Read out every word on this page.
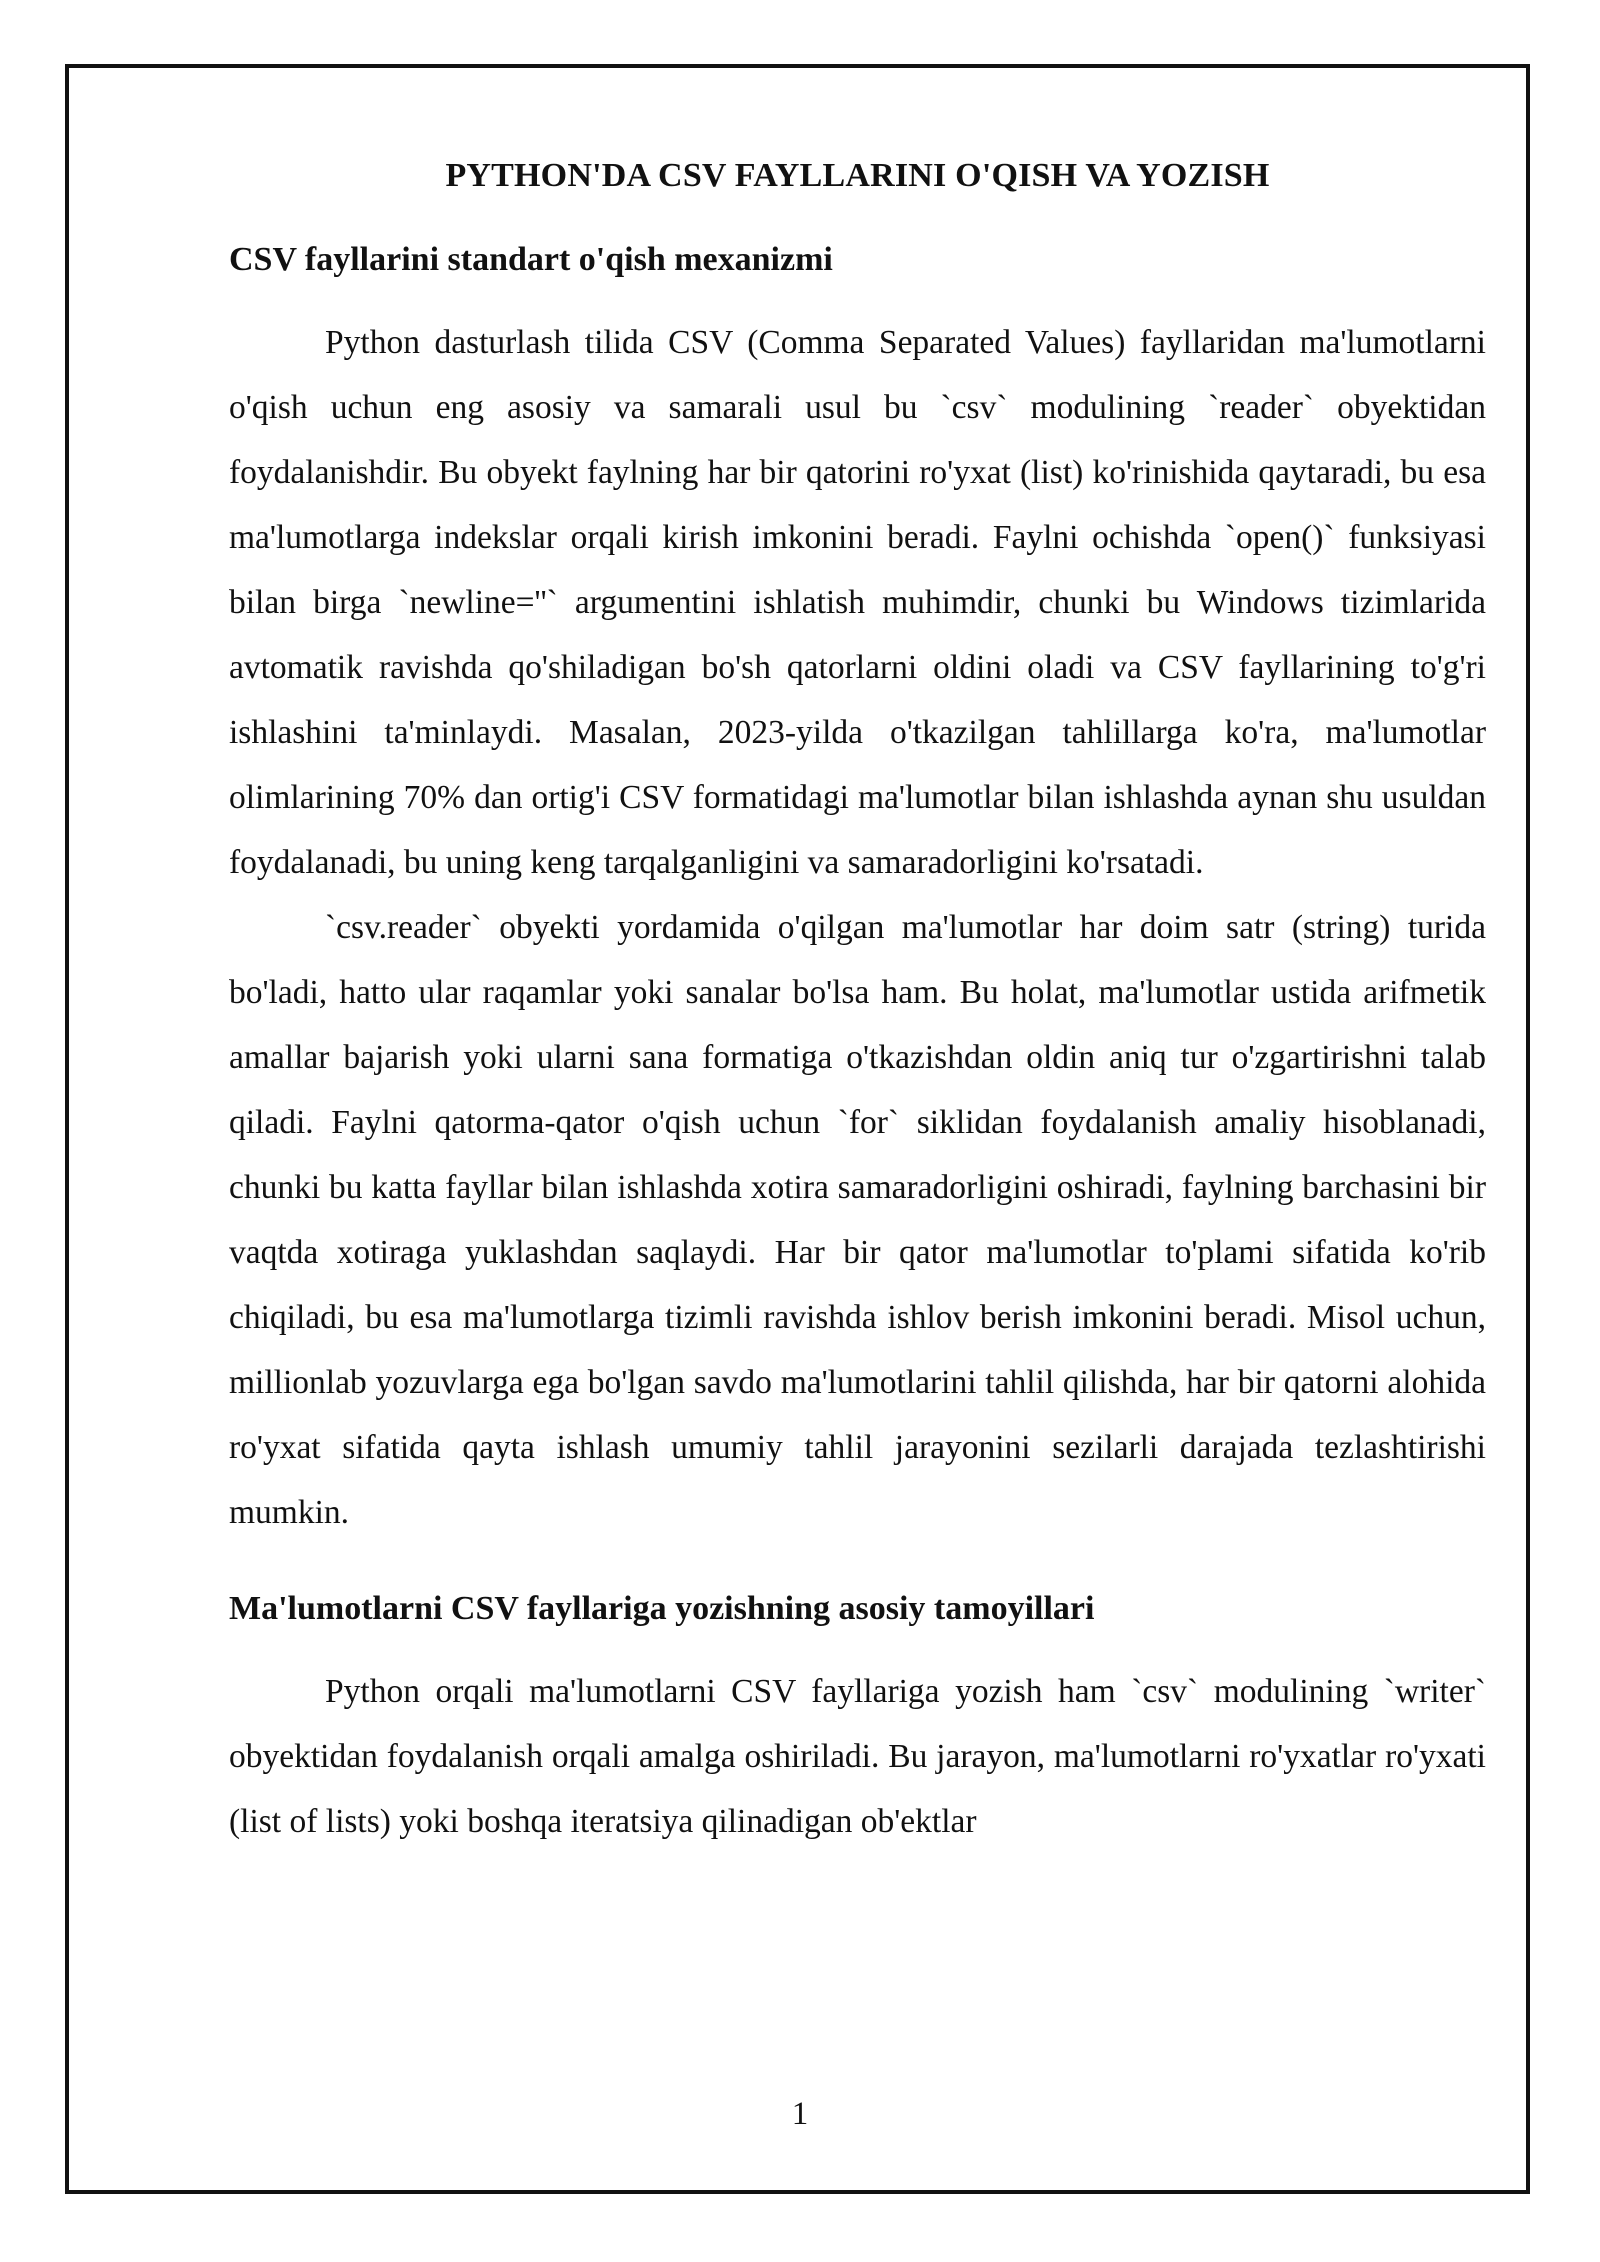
PYTHON'DA CSV FAYLLARINI O'QISH VA YOZISH
CSV fayllarini standart o'qish mexanizmi

Python dasturlash tilida CSV (Comma Separated Values) fayllaridan ma'lumotlarni o'qish uchun eng asosiy va samarali usul bu `csv` modulining `reader` obyektidan foydalanishdir. Bu obyekt faylning har bir qatorini ro'yxat (list) ko'rinishida qaytaradi, bu esa ma'lumotlarga indekslar orqali kirish imkonini beradi. Faylni ochishda `open()` funksiyasi bilan birga `newline=''` argumentini ishlatish muhimdir, chunki bu Windows tizimlarida avtomatik ravishda qo'shiladigan bo'sh qatorlarni oldini oladi va CSV fayllarining to'g'ri ishlashini ta'minlaydi. Masalan, 2023-yilda o'tkazilgan tahlillarga ko'ra, ma'lumotlar olimlarining 70% dan ortig'i CSV formatidagi ma'lumotlar bilan ishlashda aynan shu usuldan foydalanadi, bu uning keng tarqalganligini va samaradorligini ko'rsatadi.

`csv.reader` obyekti yordamida o'qilgan ma'lumotlar har doim satr (string) turida bo'ladi, hatto ular raqamlar yoki sanalar bo'lsa ham. Bu holat, ma'lumotlar ustida arifmetik amallar bajarish yoki ularni sana formatiga o'tkazishdan oldin aniq tur o'zgartirishni talab qiladi. Faylni qatorma-qator o'qish uchun `for` siklidan foydalanish amaliy hisoblanadi, chunki bu katta fayllar bilan ishlashda xotira samaradorligini oshiradi, faylning barchasini bir vaqtda xotiraga yuklashdan saqlaydi. Har bir qator ma'lumotlar to'plami sifatida ko'rib chiqiladi, bu esa ma'lumotlarga tizimli ravishda ishlov berish imkonini beradi. Misol uchun, millionlab yozuvlarga ega bo'lgan savdo ma'lumotlarini tahlil qilishda, har bir qatorni alohida ro'yxat sifatida qayta ishlash umumiy tahlil jarayonini sezilarli darajada tezlashtirishi mumkin.

Ma'lumotlarni CSV fayllariga yozishning asosiy tamoyillari

Python orqali ma'lumotlarni CSV fayllariga yozish ham `csv` modulining `writer` obyektidan foydalanish orqali amalga oshiriladi. Bu jarayon, ma'lumotlarni ro'yxatlar ro'yxati (list of lists) yoki boshqa iteratsiya qilinadigan ob'ektlar

1
